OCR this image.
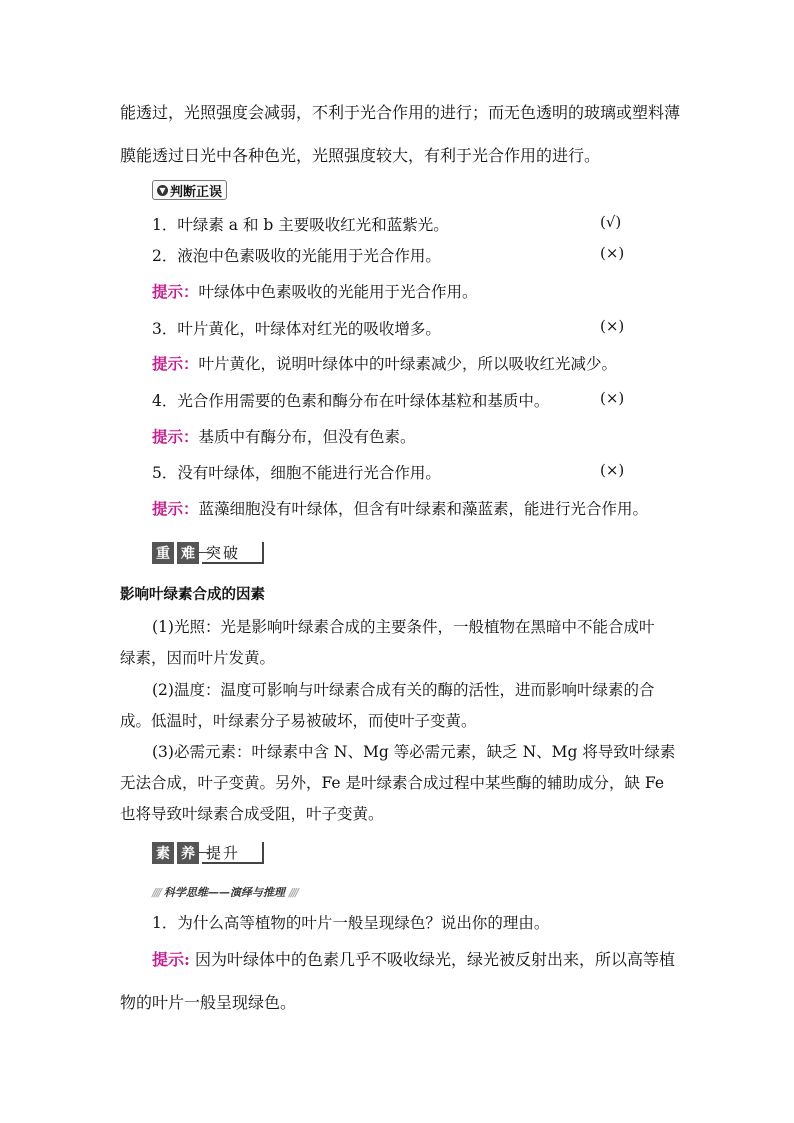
能透过，光照强度会减弱，不利于光合作用的进行；而无色透明的玻璃或塑料薄
膜能透过日光中各种色光，光照强度较大，有利于光合作用的进行。
▼ 判断正误
1．叶绿素 a 和 b 主要吸收红光和蓝紫光。	(√)
2．液泡中色素吸收的光能用于光合作用。	(×)
提示：叶绿体中色素吸收的光能用于光合作用。
3．叶片黄化，叶绿体对红光的吸收增多。	(×)
提示：叶片黄化，说明叶绿体中的叶绿素减少，所以吸收红光减少。
4．光合作用需要的色素和酶分布在叶绿体基粒和基质中。	(×)
提示：基质中有酶分布，但没有色素。
5．没有叶绿体，细胞不能进行光合作用。	(×)
提示：蓝藻细胞没有叶绿体，但含有叶绿素和藻蓝素，能进行光合作用。
重 难 突破
影响叶绿素合成的因素
(1)光照：光是影响叶绿素合成的主要条件，一般植物在黑暗中不能合成叶
绿素，因而叶片发黄。
(2)温度：温度可影响与叶绿素合成有关的酶的活性，进而影响叶绿素的合
成。低温时，叶绿素分子易被破坏，而使叶子变黄。
(3)必需元素：叶绿素中含 N、Mg 等必需元素，缺乏 N、Mg 将导致叶绿素
无法合成，叶子变黄。另外，Fe 是叶绿素合成过程中某些酶的辅助成分，缺 Fe
也将导致叶绿素合成受阻，叶子变黄。
素 养 提升
//// 科学思维——演绎与推理 ////
1．为什么高等植物的叶片一般呈现绿色？说出你的理由。
提示: 因为叶绿体中的色素几乎不吸收绿光，绿光被反射出来，所以高等植
物的叶片一般呈现绿色。
